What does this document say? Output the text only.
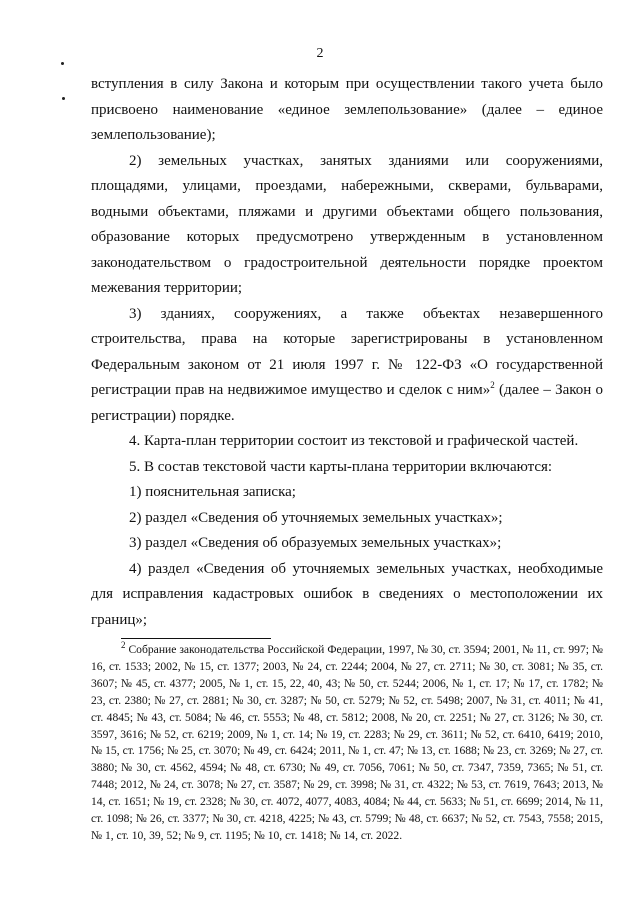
2

вступления в силу Закона и которым при осуществлении такого учета было присвоено наименование «единое землепользование» (далее – единое землепользование);

2) земельных участках, занятых зданиями или сооружениями, площадями, улицами, проездами, набережными, скверами, бульварами, водными объектами, пляжами и другими объектами общего пользования, образование которых предусмотрено утвержденным в установленном законодательством о градостроительной деятельности порядке проектом межевания территории;

3) зданиях, сооружениях, а также объектах незавершенного строительства, права на которые зарегистрированы в установленном Федеральным законом от 21 июля 1997 г. № 122-ФЗ «О государственной регистрации прав на недвижимое имущество и сделок с ним»$^2$ (далее – Закон о регистрации) порядке.

4. Карта-план территории состоит из текстовой и графической частей.

5. В состав текстовой части карты-плана территории включаются:

1) пояснительная записка;

2) раздел «Сведения об уточняемых земельных участках»;

3) раздел «Сведения об образуемых земельных участках»;

4) раздел «Сведения об уточняемых земельных участках, необходимые для исправления кадастровых ошибок в сведениях о местоположении их границ»;

$^2$ Собрание законодательства Российской Федерации, 1997, № 30, ст. 3594; 2001, № 11, ст. 997; № 16, ст. 1533; 2002, № 15, ст. 1377; 2003, № 24, ст. 2244; 2004, № 27, ст. 2711; № 30, ст. 3081; № 35, ст. 3607; № 45, ст. 4377; 2005, № 1, ст. 15, 22, 40, 43; № 50, ст. 5244; 2006, № 1, ст. 17; № 17, ст. 1782; № 23, ст. 2380; № 27, ст. 2881; № 30, ст. 3287; № 50, ст. 5279; № 52, ст. 5498; 2007, № 31, ст. 4011; № 41, ст. 4845; № 43, ст. 5084; № 46, ст. 5553; № 48, ст. 5812; 2008, № 20, ст. 2251; № 27, ст. 3126; № 30, ст. 3597, 3616; № 52, ст. 6219; 2009, № 1, ст. 14; № 19, ст. 2283; № 29, ст. 3611; № 52, ст. 6410, 6419; 2010, № 15, ст. 1756; № 25, ст. 3070; № 49, ст. 6424; 2011, № 1, ст. 47; № 13, ст. 1688; № 23, ст. 3269; № 27, ст. 3880; № 30, ст. 4562, 4594; № 48, ст. 6730; № 49, ст. 7056, 7061; № 50, ст. 7347, 7359, 7365; № 51, ст. 7448; 2012, № 24, ст. 3078; № 27, ст. 3587; № 29, ст. 3998; № 31, ст. 4322; № 53, ст. 7619, 7643; 2013, № 14, ст. 1651; № 19, ст. 2328; № 30, ст. 4072, 4077, 4083, 4084; № 44, ст. 5633; № 51, ст. 6699; 2014, № 11, ст. 1098; № 26, ст. 3377; № 30, ст. 4218, 4225; № 43, ст. 5799; № 48, ст. 6637; № 52, ст. 7543, 7558; 2015, № 1, ст. 10, 39, 52; № 9, ст. 1195; № 10, ст. 1418; № 14, ст. 2022.
